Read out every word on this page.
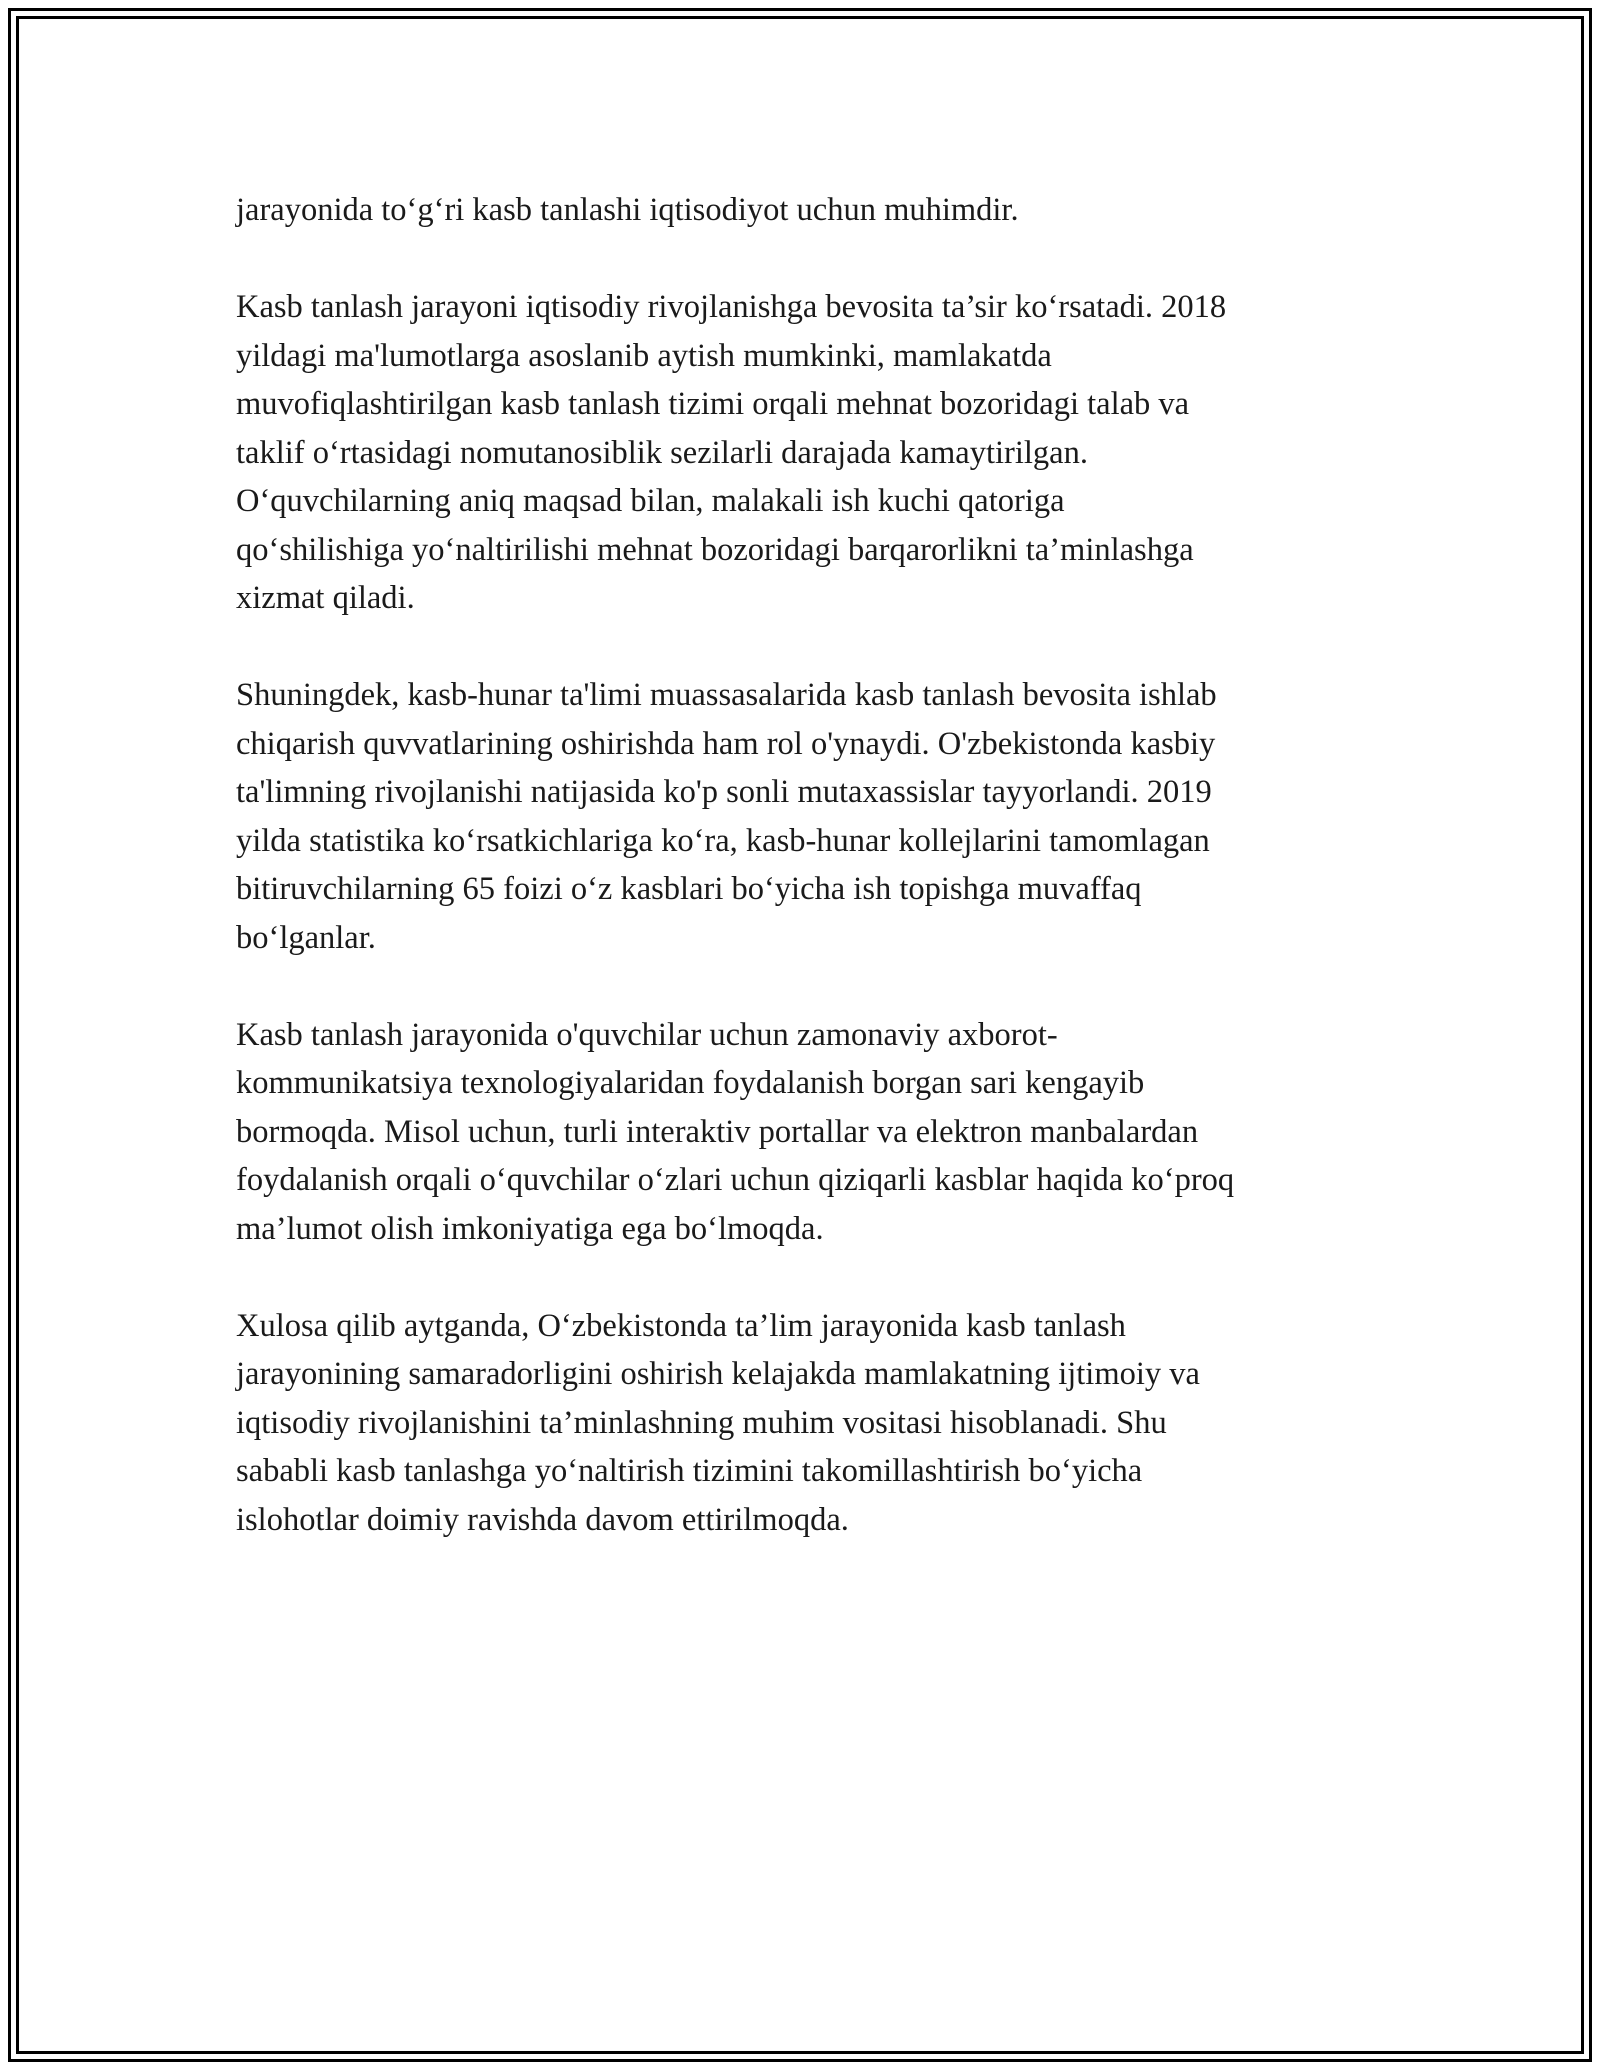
jarayonida to‘g‘ri kasb tanlashi iqtisodiyot uchun muhimdir.

Kasb tanlash jarayoni iqtisodiy rivojlanishga bevosita ta’sir ko‘rsatadi. 2018
yildagi ma'lumotlarga asoslanib aytish mumkinki, mamlakatda
muvofiqlashtirilgan kasb tanlash tizimi orqali mehnat bozoridagi talab va
taklif o‘rtasidagi nomutanosiblik sezilarli darajada kamaytirilgan.
O‘quvchilarning aniq maqsad bilan, malakali ish kuchi qatoriga
qo‘shilishiga yo‘naltirilishi mehnat bozoridagi barqarorlikni ta’minlashga
xizmat qiladi.

Shuningdek, kasb-hunar ta'limi muassasalarida kasb tanlash bevosita ishlab
chiqarish quvvatlarining oshirishda ham rol o'ynaydi. O'zbekistonda kasbiy
ta'limning rivojlanishi natijasida ko'p sonli mutaxassislar tayyorlandi. 2019
yilda statistika ko‘rsatkichlariga ko‘ra, kasb-hunar kollejlarini tamomlagan
bitiruvchilarning 65 foizi o‘z kasblari bo‘yicha ish topishga muvaffaq
bo‘lganlar.

Kasb tanlash jarayonida o'quvchilar uchun zamonaviy axborot-
kommunikatsiya texnologiyalaridan foydalanish borgan sari kengayib
bormoqda. Misol uchun, turli interaktiv portallar va elektron manbalardan
foydalanish orqali o‘quvchilar o‘zlari uchun qiziqarli kasblar haqida ko‘proq
ma’lumot olish imkoniyatiga ega bo‘lmoqda.

Xulosa qilib aytganda, O‘zbekistonda ta’lim jarayonida kasb tanlash
jarayonining samaradorligini oshirish kelajakda mamlakatning ijtimoiy va
iqtisodiy rivojlanishini ta’minlashning muhim vositasi hisoblanadi. Shu
sababli kasb tanlashga yo‘naltirish tizimini takomillashtirish bo‘yicha
islohotlar doimiy ravishda davom ettirilmoqda.
